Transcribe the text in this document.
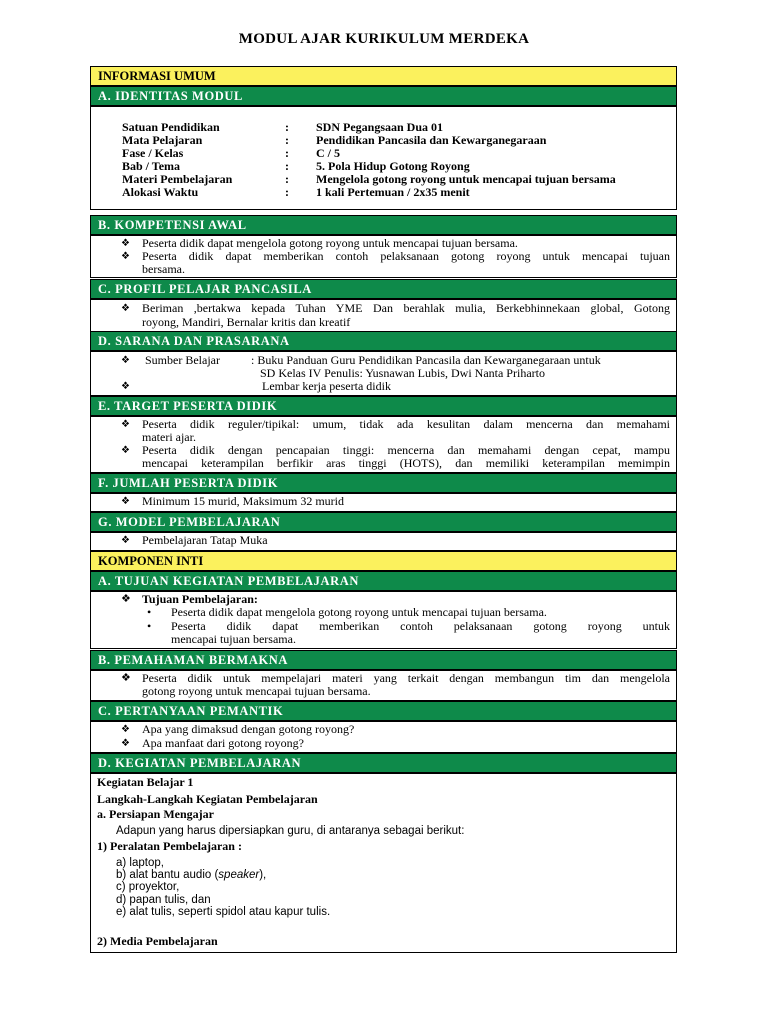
MODUL AJAR KURIKULUM MERDEKA
INFORMASI UMUM
A. IDENTITAS MODUL
Satuan Pendidikan	: SDN Pegangsaan Dua 01
Mata Pelajaran	: Pendidikan Pancasila dan Kewarganegaraan
Fase / Kelas	: C / 5
Bab / Tema	: 5. Pola Hidup Gotong Royong
Materi Pembelajaran	: Mengelola gotong royong untuk mencapai tujuan bersama
Alokasi Waktu	: 1 kali Pertemuan / 2x35 menit
B. KOMPETENSI AWAL
❖ Peserta didik dapat mengelola gotong royong untuk mencapai tujuan bersama.
❖ Peserta didik dapat memberikan contoh pelaksanaan gotong royong untuk mencapai tujuan
bersama.
C. PROFIL PELAJAR PANCASILA
❖ Beriman ,bertakwa kepada Tuhan YME Dan berahlak mulia, Berkebhinnekaan global, Gotong
royong, Mandiri, Bernalar kritis dan kreatif
D. SARANA DAN PRASARANA
❖ Sumber Belajar	: Buku Panduan Guru Pendidikan Pancasila dan Kewarganegaraan untuk
SD Kelas IV Penulis: Yusnawan Lubis, Dwi Nanta Priharto
❖	Lembar kerja peserta didik
E. TARGET PESERTA DIDIK
❖ Peserta didik reguler/tipikal: umum, tidak ada kesulitan dalam mencerna dan memahami
materi ajar.
❖ Peserta didik dengan pencapaian tinggi: mencerna dan memahami dengan cepat, mampu
mencapai keterampilan berfikir aras tinggi (HOTS), dan memiliki keterampilan memimpin
F. JUMLAH PESERTA DIDIK
❖ Minimum 15 murid, Maksimum 32 murid
G. MODEL PEMBELAJARAN
❖ Pembelajaran Tatap Muka
KOMPONEN INTI
A. TUJUAN KEGIATAN PEMBELAJARAN
❖ Tujuan Pembelajaran:
• Peserta didik dapat mengelola gotong royong untuk mencapai tujuan bersama.
• Peserta didik dapat memberikan contoh pelaksanaan gotong royong untuk
mencapai tujuan bersama.
B. PEMAHAMAN BERMAKNA
❖ Peserta didik untuk mempelajari materi yang terkait dengan membangun tim dan mengelola
gotong royong untuk mencapai tujuan bersama.
C. PERTANYAAN PEMANTIK
❖ Apa yang dimaksud dengan gotong royong?
❖ Apa manfaat dari gotong royong?
D. KEGIATAN PEMBELAJARAN
Kegiatan Belajar 1
Langkah-Langkah Kegiatan Pembelajaran
a. Persiapan Mengajar
Adapun yang harus dipersiapkan guru, di antaranya sebagai berikut:
1) Peralatan Pembelajaran :
a) laptop,
b) alat bantu audio (speaker),
c) proyektor,
d) papan tulis, dan
e) alat tulis, seperti spidol atau kapur tulis.
2) Media Pembelajaran
